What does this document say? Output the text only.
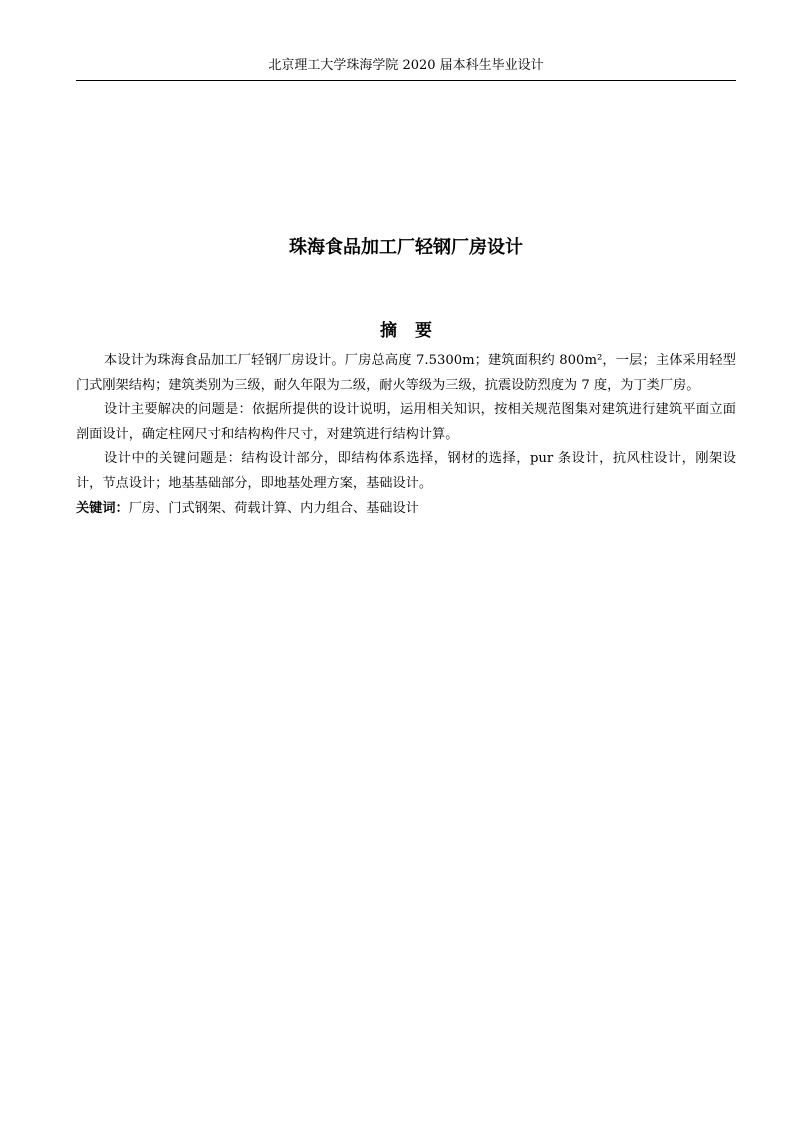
北京理工大学珠海学院 2020 届本科生毕业设计
珠海食品加工厂轻钢厂房设计
摘要

本设计为珠海食品加工厂轻钢厂房设计。厂房总高度 7.5300m；建筑面积约 800m²，一层；主体采用轻型门式刚架结构；建筑类别为三级，耐久年限为二级，耐火等级为三级，抗震设防烈度为 7 度，为丁类厂房。

设计主要解决的问题是：依据所提供的设计说明，运用相关知识，按相关规范图集对建筑进行建筑平面立面剖面设计，确定柱网尺寸和结构构件尺寸，对建筑进行结构计算。

设计中的关键问题是：结构设计部分，即结构体系选择，钢材的选择，pur 条设计，抗风柱设计，刚架设计，节点设计；地基基础部分，即地基处理方案，基础设计。

关键词：厂房、门式钢架、荷载计算、内力组合、基础设计
